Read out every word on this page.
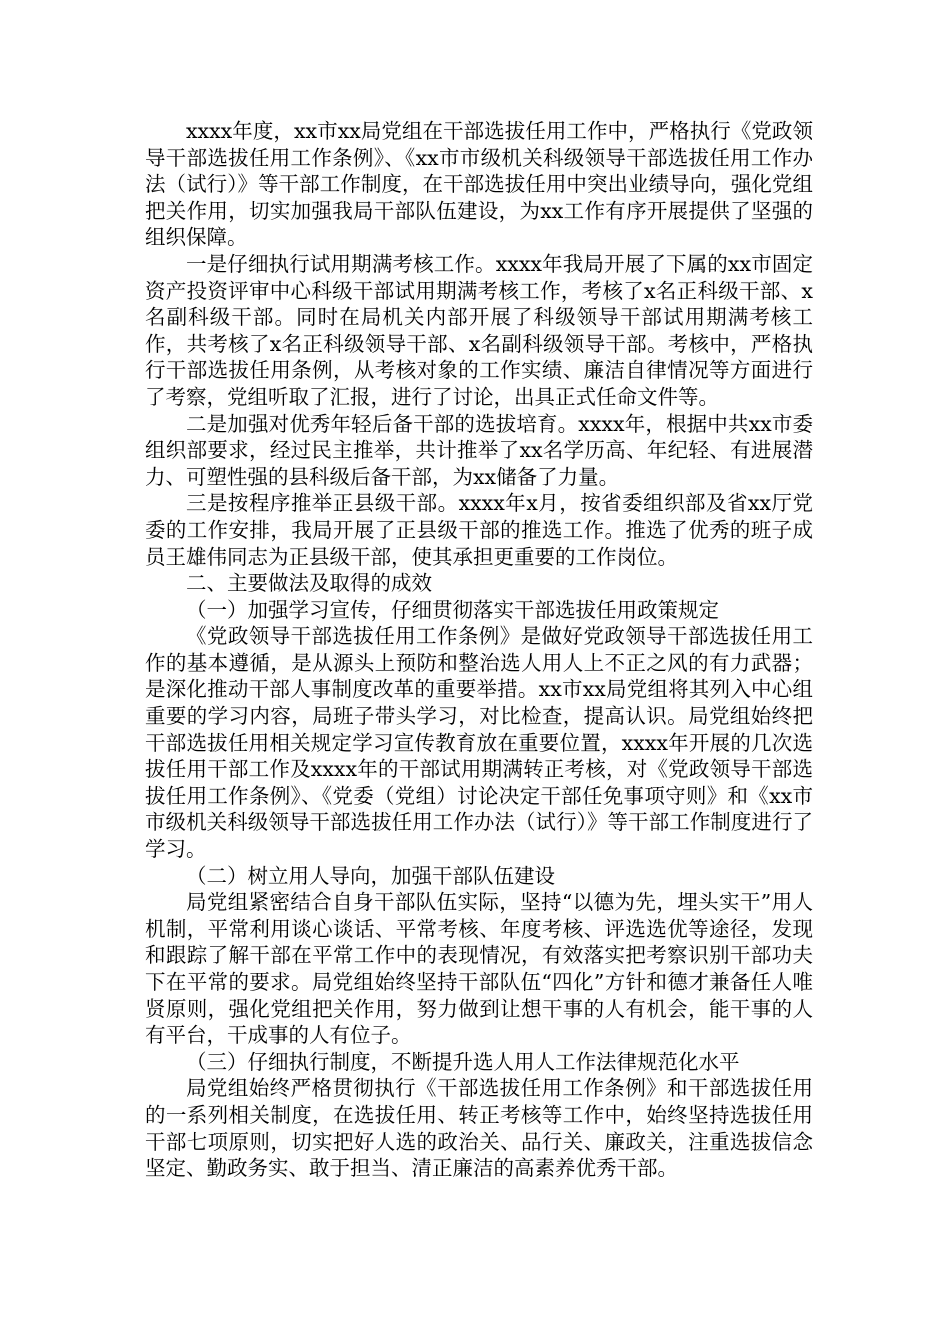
xxxx年度，xx市xx局党组在干部选拔任用工作中，严格执行《党政领导干部选拔任用工作条例》、《xx市市级机关科级领导干部选拔任用工作办法（试行）》等干部工作制度，在干部选拔任用中突出业绩导向，强化党组把关作用，切实加强我局干部队伍建设，为xx工作有序开展提供了坚强的组织保障。

一是仔细执行试用期满考核工作。xxxx年我局开展了下属的xx市固定资产投资评审中心科级干部试用期满考核工作，考核了x名正科级干部、x名副科级干部。同时在局机关内部开展了科级领导干部试用期满考核工作，共考核了x名正科级领导干部、x名副科级领导干部。考核中，严格执行干部选拔任用条例，从考核对象的工作实绩、廉洁自律情况等方面进行了考察，党组听取了汇报，进行了讨论，出具正式任命文件等。

二是加强对优秀年轻后备干部的选拔培育。xxxx年，根据中共xx市委组织部要求，经过民主推举，共计推举了xx名学历高、年纪轻、有进展潜力、可塑性强的县科级后备干部，为xx储备了力量。

三是按程序推举正县级干部。xxxx年x月，按省委组织部及省xx厅党委的工作安排，我局开展了正县级干部的推选工作。推选了优秀的班子成员王雄伟同志为正县级干部，使其承担更重要的工作岗位。

二、主要做法及取得的成效

（一）加强学习宣传，仔细贯彻落实干部选拔任用政策规定

《党政领导干部选拔任用工作条例》是做好党政领导干部选拔任用工作的基本遵循，是从源头上预防和整治选人用人上不正之风的有力武器；是深化推动干部人事制度改革的重要举措。xx市xx局党组将其列入中心组重要的学习内容，局班子带头学习，对比检查，提高认识。局党组始终把干部选拔任用相关规定学习宣传教育放在重要位置，xxxx年开展的几次选拔任用干部工作及xxxx年的干部试用期满转正考核，对《党政领导干部选拔任用工作条例》、《党委（党组）讨论决定干部任免事项守则》和《xx市市级机关科级领导干部选拔任用工作办法（试行）》等干部工作制度进行了学习。

（二）树立用人导向，加强干部队伍建设

局党组紧密结合自身干部队伍实际，坚持“以德为先，埋头实干”用人机制，平常利用谈心谈话、平常考核、年度考核、评选选优等途径，发现和跟踪了解干部在平常工作中的表现情况，有效落实把考察识别干部功夫下在平常的要求。局党组始终坚持干部队伍“四化”方针和德才兼备任人唯贤原则，强化党组把关作用，努力做到让想干事的人有机会，能干事的人有平台，干成事的人有位子。

（三）仔细执行制度，不断提升选人用人工作法律规范化水平

局党组始终严格贯彻执行《干部选拔任用工作条例》和干部选拔任用的一系列相关制度，在选拔任用、转正考核等工作中，始终坚持选拔任用干部七项原则，切实把好人选的政治关、品行关、廉政关，注重选拔信念坚定、勤政务实、敢于担当、清正廉洁的高素养优秀干部。
